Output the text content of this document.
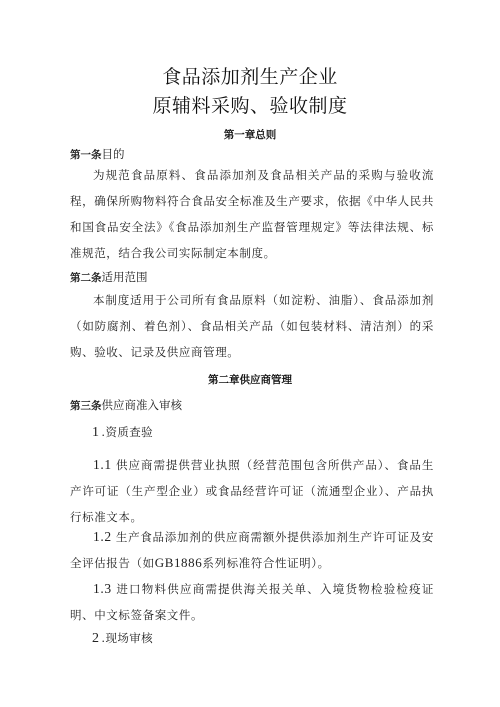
食品添加剂生产企业
原辅料采购、验收制度
第一章总则
第一条目的

为规范食品原料、食品添加剂及食品相关产品的采购与验收流程，确保所购物料符合食品安全标准及生产要求，依据《中华人民共和国食品安全法》《食品添加剂生产监督管理规定》等法律法规、标准规范，结合我公司实际制定本制度。

第二条适用范围

本制度适用于公司所有食品原料（如淀粉、油脂）、食品添加剂（如防腐剂、着色剂）、食品相关产品（如包装材料、清洁剂）的采购、验收、记录及供应商管理。

第二章供应商管理
第三条供应商准入审核
1 .资质查验

1.1 供应商需提供营业执照（经营范围包含所供产品）、食品生产许可证（生产型企业）或食品经营许可证（流通型企业）、产品执行标准文本。

1.2 生产食品添加剂的供应商需额外提供添加剂生产许可证及安全评估报告（如GB1886系列标准符合性证明）。

1.3 进口物料供应商需提供海关报关单、入境货物检验检疫证明、中文标签备案文件。

2 .现场审核
